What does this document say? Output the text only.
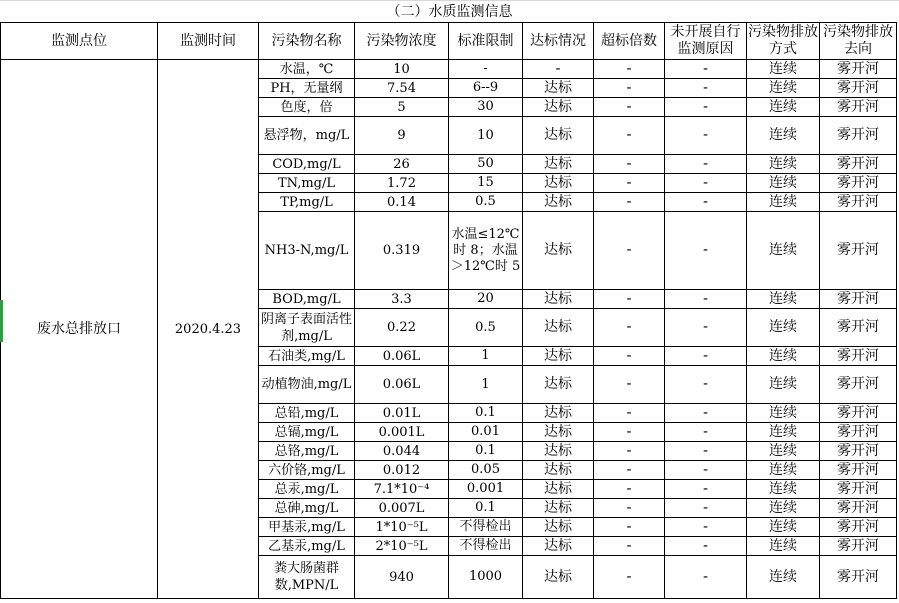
（二）水质监测信息
监测点位	监测时间	污染物名称	污染物浓度	标准限制	达标情况	超标倍数	未开展自行监测原因	污染物排放方式	污染物排放去向
废水总排放口	2020.4.23	水温，℃	10	-	-	-	-	连续	雾开河
		PH，无量纲	7.54	6--9	达标	-	-	连续	雾开河
		色度，倍	5	30	达标	-	-	连续	雾开河
		悬浮物，mg/L	9	10	达标	-	-	连续	雾开河
		COD,mg/L	26	50	达标	-	-	连续	雾开河
		TN,mg/L	1.72	15	达标	-	-	连续	雾开河
		TP,mg/L	0.14	0.5	达标	-	-	连续	雾开河
		NH3-N,mg/L	0.319	水温≤12℃时 8；水温＞12℃时 5	达标	-	-	连续	雾开河
		BOD,mg/L	3.3	20	达标	-	-	连续	雾开河
		阴离子表面活性剂,mg/L	0.22	0.5	达标	-	-	连续	雾开河
		石油类,mg/L	0.06L	1	达标	-	-	连续	雾开河
		动植物油,mg/L	0.06L	1	达标	-	-	连续	雾开河
		总铅,mg/L	0.01L	0.1	达标	-	-	连续	雾开河
		总镉,mg/L	0.001L	0.01	达标	-	-	连续	雾开河
		总铬,mg/L	0.044	0.1	达标	-	-	连续	雾开河
		六价铬,mg/L	0.012	0.05	达标	-	-	连续	雾开河
		总汞,mg/L	7.1*10⁻⁴	0.001	达标	-	-	连续	雾开河
		总砷,mg/L	0.007L	0.1	达标	-	-	连续	雾开河
		甲基汞,mg/L	1*10⁻⁵L	不得检出	达标	-	-	连续	雾开河
		乙基汞,mg/L	2*10⁻⁵L	不得检出	达标	-	-	连续	雾开河
		粪大肠菌群数,MPN/L	940	1000	达标	-	-	连续	雾开河
